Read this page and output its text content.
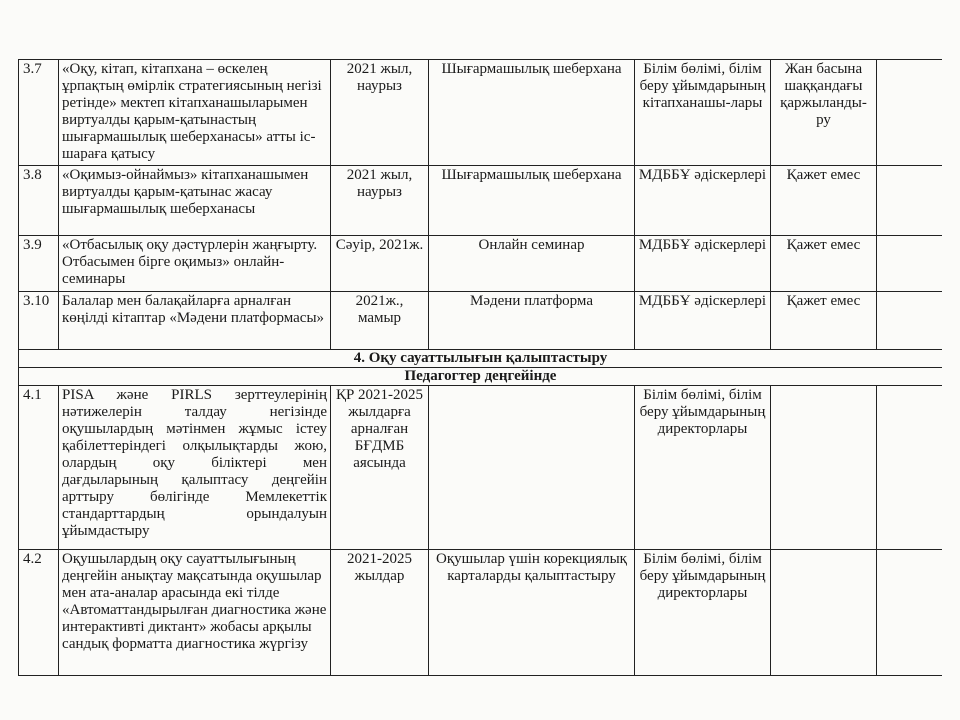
3.7	«Оқу, кітап, кітапхана – өскелең ұрпақтың өмірлік стратегиясының негізі ретінде» мектеп кітапханашыларымен виртуалды қарым-қатынастың шығармашылық шеберханасы» атты іс-шараға қатысу	2021 жыл, наурыз	Шығармашылық шеберхана	Білім бөлімі, білім беру ұйымдарының кітапханашы-лары	Жан басына шаққандағы қаржыланды-ру	
3.8	«Оқимыз-ойнаймыз» кітапханашымен виртуалды қарым-қатынас жасау шығармашылық шеберханасы	2021 жыл, наурыз	Шығармашылық шеберхана	МДББҰ әдіскерлері	Қажет емес	
3.9	«Отбасылық оқу дәстүрлерін жаңғырту. Отбасымен бірге оқимыз» онлайн-семинары	Сәуір, 2021ж.	Онлайн семинар	МДББҰ әдіскерлері	Қажет емес	
3.10	Балалар мен балақайларға арналған көңілді кітаптар «Мәдени платформасы»	2021ж., мамыр	Мәдени платформа	МДББҰ әдіскерлері	Қажет емес	
4. Оқу сауаттылығын қалыптастыру						
Педагогтер деңгейінде						
4.1	PISA және PIRLS зерттеулерінің нәтижелерін талдау негізінде оқушылардың мәтінмен жұмыс істеу қабілеттеріндегі олқылықтарды жою, олардың оқу біліктері мен дағдыларының қалыптасу деңгейін арттыру бөлігінде Мемлекеттік стандарттардың орындалуын ұйымдастыру	ҚР 2021-2025 жылдарға арналған БҒДМБ аясында		Білім бөлімі, білім беру ұйымдарының директорлары		
4.2	Оқушылардың оқу сауаттылығының деңгейін анықтау мақсатында оқушылар мен ата-аналар арасында екі тілде «Автоматтандырылған диагностика және интерактивті диктант» жобасы арқылы сандық форматта диагностика жүргізу	2021-2025 жылдар	Оқушылар үшін корекциялық карталарды қалыптастыру	Білім бөлімі, білім беру ұйымдарының директорлары		
